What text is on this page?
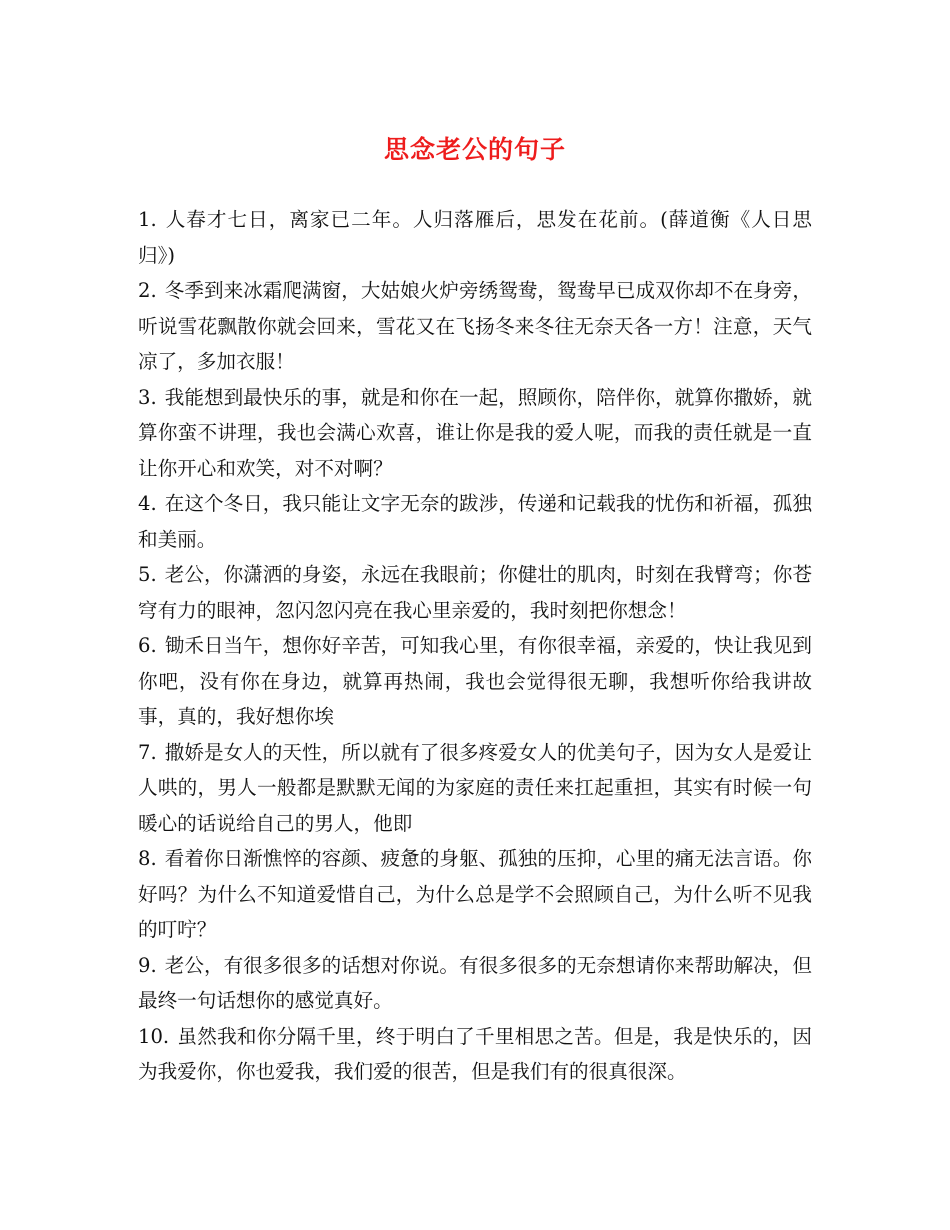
思念老公的句子

1. 人春才七日，离家已二年。人归落雁后，思发在花前。(薛道衡《人日思归》)

2. 冬季到来冰霜爬满窗，大姑娘火炉旁绣鸳鸯，鸳鸯早已成双你却不在身旁，听说雪花飘散你就会回来，雪花又在飞扬冬来冬往无奈天各一方！注意，天气凉了，多加衣服！

3. 我能想到最快乐的事，就是和你在一起，照顾你，陪伴你，就算你撒娇，就算你蛮不讲理，我也会满心欢喜，谁让你是我的爱人呢，而我的责任就是一直让你开心和欢笑，对不对啊？

4. 在这个冬日，我只能让文字无奈的跋涉，传递和记载我的忧伤和祈福，孤独和美丽。

5. 老公，你潇洒的身姿，永远在我眼前；你健壮的肌肉，时刻在我臂弯；你苍穹有力的眼神，忽闪忽闪亮在我心里亲爱的，我时刻把你想念！

6. 锄禾日当午，想你好辛苦，可知我心里，有你很幸福，亲爱的，快让我见到你吧，没有你在身边，就算再热闹，我也会觉得很无聊，我想听你给我讲故事，真的，我好想你埃

7. 撒娇是女人的天性，所以就有了很多疼爱女人的优美句子，因为女人是爱让人哄的，男人一般都是默默无闻的为家庭的责任来扛起重担，其实有时候一句暖心的话说给自己的男人，他即

8. 看着你日渐憔悴的容颜、疲惫的身躯、孤独的压抑，心里的痛无法言语。你好吗？为什么不知道爱惜自己，为什么总是学不会照顾自己，为什么听不见我的叮咛？

9. 老公，有很多很多的话想对你说。有很多很多的无奈想请你来帮助解决，但最终一句话想你的感觉真好。

10. 虽然我和你分隔千里，终于明白了千里相思之苦。但是，我是快乐的，因为我爱你，你也爱我，我们爱的很苦，但是我们有的很真很深。
